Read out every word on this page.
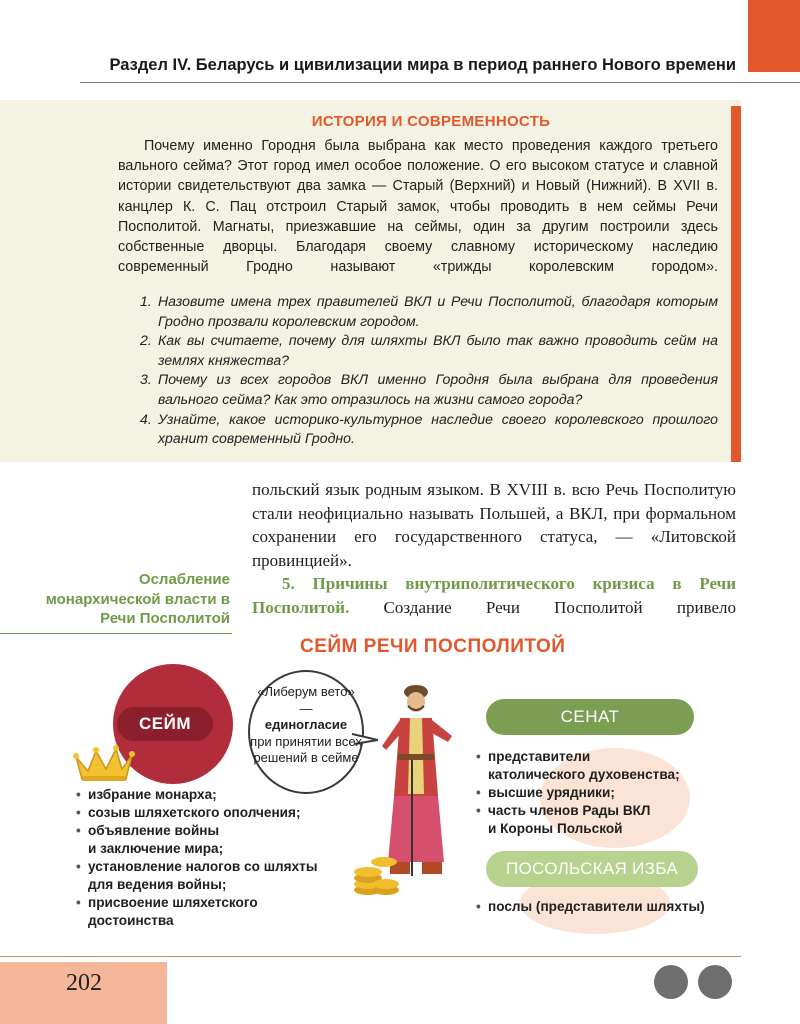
Раздел IV. Беларусь и цивилизации мира в период раннего Нового времени
ИСТОРИЯ И СОВРЕМЕННОСТЬ

Почему именно Городня была выбрана как место проведения каждого третьего вального сейма? Этот город имел особое положение. О его высоком статусе и славной истории свидетельствуют два замка — Старый (Верхний) и Новый (Нижний). В XVII в. канцлер К. С. Пац отстроил Старый замок, чтобы проводить в нем сеймы Речи Посполитой. Магнаты, приезжавшие на сеймы, один за другим построили здесь собственные дворцы. Благодаря своему славному историческому наследию современный Гродно называют «трижды королевским городом».

1. Назовите имена трех правителей ВКЛ и Речи Посполитой, благодаря которым Гродно прозвали королевским городом.
2. Как вы считаете, почему для шляхты ВКЛ было так важно проводить сейм на землях княжества?
3. Почему из всех городов ВКЛ именно Городня была выбрана для проведения вального сейма? Как это отразилось на жизни самого города?
4. Узнайте, какое историко-культурное наследие своего королевского прошлого хранит современный Гродно.
польский язык родным языком. В XVIII в. всю Речь Посполитую стали неофициально называть Польшей, а ВКЛ, при формальном сохранении его государственного статуса, — «Литовской провинцией».
5. Причины внутриполитического кризиса в Речи Посполитой. Создание Речи Посполитой привело
Ослабление монархической власти в Речи Посполитой
СЕЙМ РЕЧИ ПОСПОЛИТОЙ
СЕЙМ
«Либерум вето» —
единогласие
при принятии всех решений в сейме
• избрание монарха;
• созыв шляхетского ополчения;
• объявление войны
и заключение мира;
• установление налогов со шляхты
для ведения войны;
• присвоение шляхетского
достоинства
СЕНАТ
• представители
католического духовенства;
• высшие урядники;
• часть членов Рады ВКЛ
и Короны Польской
ПОСОЛЬСКАЯ ИЗБА
• послы (представители шляхты)
202
